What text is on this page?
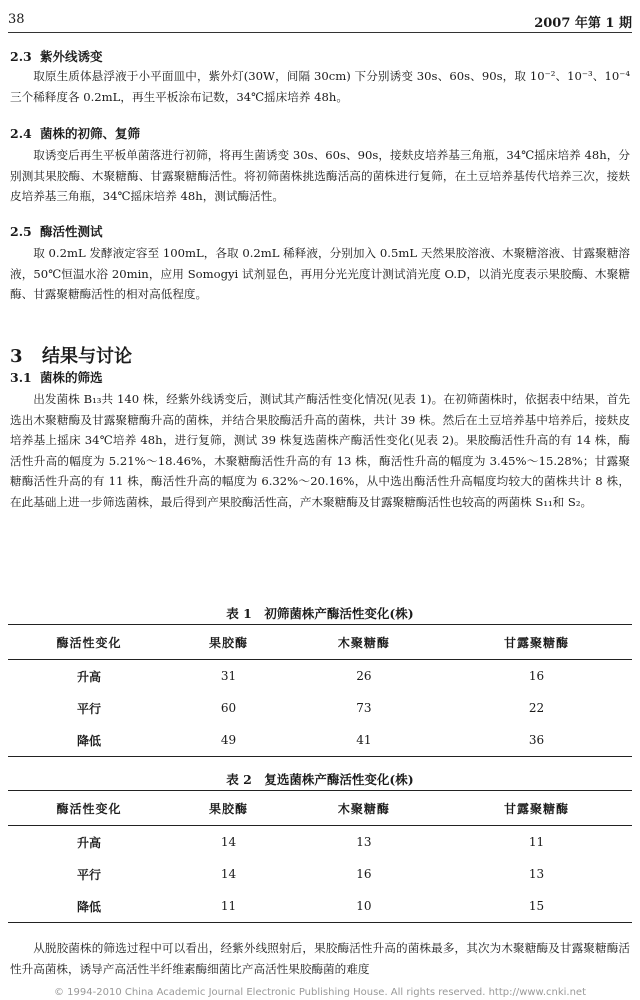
38	2007 年第 1 期
2.3 紫外线诱变
取原生质体悬浮液于小平面皿中，紫外灯(30W，间隔 30cm) 下分别诱变 30s、60s、90s，取 10⁻²、10⁻³、10⁻⁴三个稀释度各 0.2mL，再生平板涂布记数，34℃摇床培养 48h。
2.4 菌株的初筛、复筛
取诱变后再生平板单菌落进行初筛，将再生菌诱变 30s、60s、90s，接麸皮培养基三角瓶，34℃摇床培养 48h，分别测其果胶酶、木聚糖酶、甘露聚糖酶活性。将初筛菌株挑选酶活高的菌株进行复筛，在土豆培养基传代培养三次，接麸皮培养基三角瓶，34℃摇床培养 48h，测试酶活性。
2.5 酶活性测试
取 0.2mL 发酵液定容至 100mL，各取 0.2mL 稀释液，分别加入 0.5mL 天然果胶溶液、木聚糖溶液、甘露聚糖溶液，50℃恒温水浴 20min，应用 Somogyi 试剂显色，再用分光光度计测试消光度 O.D，以消光度表示果胶酶、木聚糖酶、甘露聚糖酶活性的相对高低程度。
3 结果与讨论
3.1 菌株的筛选
出发菌株 B₁₃共 140 株，经紫外线诱变后，测试其产酶活性变化情况(见表 1)。在初筛菌株时，依据表中结果，首先选出木聚糖酶及甘露聚糖酶升高的菌株，并结合果胶酶活升高的菌株，共计 39 株。然后在土豆培养基中培养后，接麸皮培养基上摇床 34℃培养 48h，进行复筛，测试 39 株复选菌株产酶活性变化(见表 2)。果胶酶活性升高的有 14 株，酶活性升高的幅度为 5.21%～18.46%，木聚糖酶活性升高的有 13 株，酶活性升高的幅度为 3.45%～15.28%；甘露聚糖酶活性升高的有 11 株，酶活性升高的幅度为 6.32%～20.16%，从中选出酶活性升高幅度均较大的菌株共计 8 株，在此基础上进一步筛选菌株，最后得到产果胶酶活性高，产木聚糖酶及甘露聚糖酶活性也较高的两菌株 S₁₁和 S₂。
表 1　初筛菌株产酶活性变化(株)
酶活性变化	果胶酶	木聚糖酶	甘露聚糖酶
升高	31	26	16
平行	60	73	22
降低	49	41	36
表 2　复选菌株产酶活性变化(株)
酶活性变化	果胶酶	木聚糖酶	甘露聚糖酶
升高	14	13	11
平行	14	16	13
降低	11	10	15
从脱胶菌株的筛选过程中可以看出，经紫外线照射后，果胶酶活性升高的菌株最多，其次为木聚糖酶及甘露聚糖酶活性升高菌株，诱导产高活性半纤维素酶细菌比产高活性果胶酶菌的难度
© 1994-2010 China Academic Journal Electronic Publishing House. All rights reserved. http://www.cnki.net
